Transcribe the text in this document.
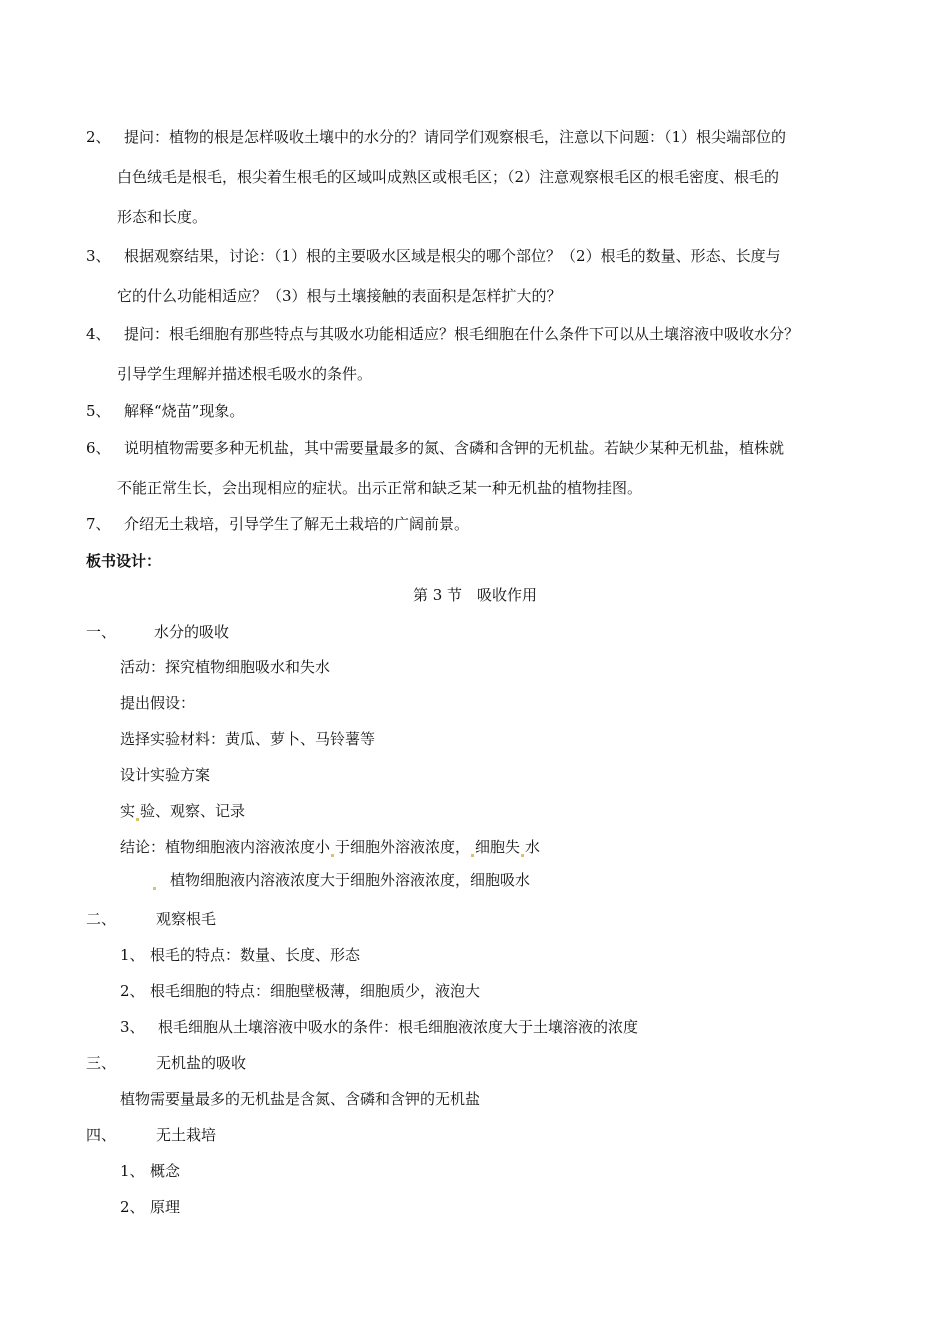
2、 提问：植物的根是怎样吸收土壤中的水分的？请同学们观察根毛，注意以下问题：（1）根尖端部位的
白色绒毛是根毛，根尖着生根毛的区域叫成熟区或根毛区；（2）注意观察根毛区的根毛密度、根毛的
形态和长度。
3、 根据观察结果，讨论：（1）根的主要吸水区域是根尖的哪个部位？（2）根毛的数量、形态、长度与
它的什么功能相适应？（3）根与土壤接触的表面积是怎样扩大的？
4、 提问：根毛细胞有那些特点与其吸水功能相适应？根毛细胞在什么条件下可以从土壤溶液中吸收水分？
引导学生理解并描述根毛吸水的条件。
5、 解释“烧苗”现象。
6、 说明植物需要多种无机盐，其中需要量最多的氮、含磷和含钾的无机盐。若缺少某种无机盐，植株就
不能正常生长，会出现相应的症状。出示正常和缺乏某一种无机盐的植物挂图。
7、 介绍无土栽培，引导学生了解无土栽培的广阔前景。
板书设计：
第 3 节　吸收作用
一、	水分的吸收
活动：探究植物细胞吸水和失水
提出假设：
选择实验材料：黄瓜、萝卜、马铃薯等
设计实验方案
实 验、观察、记录
结论：植物细胞液内溶液浓度小 于细胞外溶液浓度， 细胞失 水
植物细胞液内溶液浓度大于细胞外溶液浓度，细胞吸水
二、	观察根毛
1、 根毛的特点：数量、长度、形态
2、 根毛细胞的特点：细胞壁极薄，细胞质少，液泡大
3、 根毛细胞从土壤溶液中吸水的条件：根毛细胞液浓度大于土壤溶液的浓度
三、	无机盐的吸收
植物需要量最多的无机盐是含氮、含磷和含钾的无机盐
四、	无土栽培
1、 概念
2、 原理
